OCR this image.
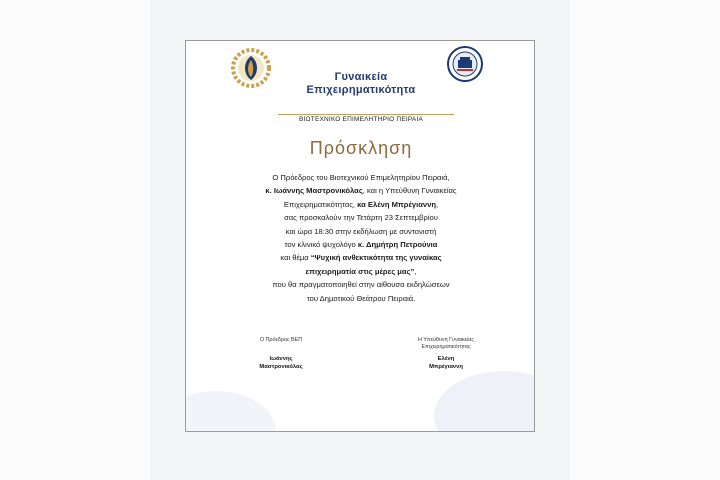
Γυναικεία
Επιχειρηματικότητα
ΒΙΟΤΕΧΝΙΚΟ ΕΠΙΜΕΛΗΤΗΡΙΟ ΠΕΙΡΑΙΑ
Πρόσκληση
Ο Πρόεδρος του Βιοτεχνικού Επιμελητηρίου Πειραιά,
κ. Ιωάννης Μαστρονικόλας, και η Υπεύθυνη Γυναικείας
Επιχειρηματικότητας, κα Ελένη Μπρέγιαννη,
σας προσκαλούν την Τετάρτη 23 Σεπτεμβρίου
και ώρα 18:30 στην εκδήλωση με συντονιστή
τον κλινικό ψυχολόγο κ. Δημήτρη Πετρούνια
και θέμα “Ψυχική ανθεκτικότητα της γυναίκας
επιχειρηματία στις μέρες μας”,
που θα πραγματοποιηθεί στην αίθουσα εκδηλώσεων
του Δημοτικού Θεάτρου Πειραιά.
Ο Πρόεδρος ΒΕΠ
Ιωάννης
Μαστρονικόλας
Η Υπεύθυνη Γυναικείας
Επιχειρηματικότητας
Ελένη
Μπρέγιαννη
